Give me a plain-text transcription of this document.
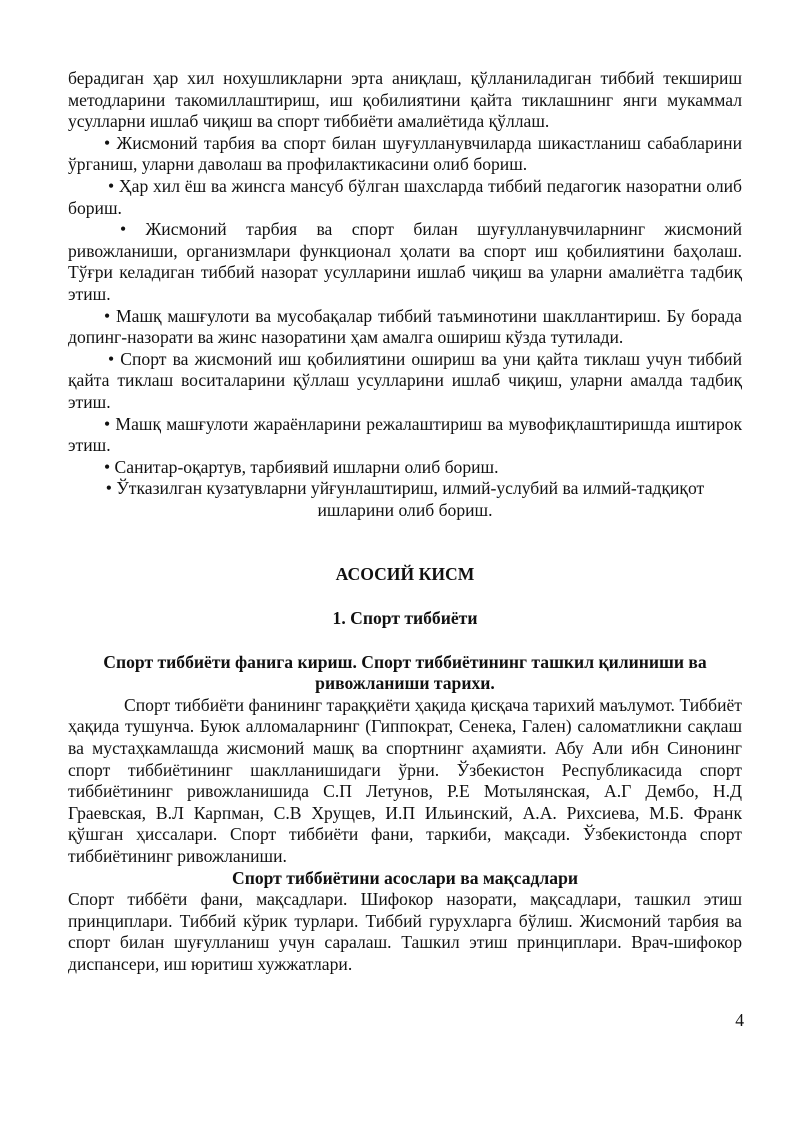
берадиган ҳар хил нохушликларни эрта аниқлаш, қўлланиладиган тиббий текшириш методларини такомиллаштириш, иш қобилиятини қайта тиклашнинг янги мукаммал усулларни ишлаб чиқиш ва спорт тиббиёти амалиётида қўллаш.

• Жисмоний тарбия ва спорт билан шуғулланувчиларда шикастланиш сабабларини ўрганиш, уларни даволаш ва профилактикасини олиб бориш.

• Ҳар хил ёш ва жинсга мансуб бўлган шахсларда тиббий педагогик назоратни олиб бориш.

• Жисмоний тарбия ва спорт билан шуғулланувчиларнинг жисмоний ривожланиши, организмлари функционал ҳолати ва спорт иш қобилиятини баҳолаш. Тўғри келадиган тиббий назорат усулларини ишлаб чиқиш ва уларни амалиётга тадбиқ этиш.

• Машқ машғулоти ва мусобақалар тиббий таъминотини шакллантириш. Бу борада допинг-назорати ва жинс назоратини ҳам амалга ошириш кўзда тутилади.

• Спорт ва жисмоний иш қобилиятини ошириш ва уни қайта тиклаш учун тиббий қайта тиклаш воситаларини қўллаш усулларини ишлаб чиқиш, уларни амалда тадбиқ этиш.

• Машқ машғулоти жараёнларини режалаштириш ва мувофиқлаштиришда иштирок этиш.

• Санитар-оқартув, тарбиявий ишларни олиб бориш.

• Ўтказилган кузатувларни уйғунлаштириш, илмий-услубий ва илмий-тадқиқот ишларини олиб бориш.

АСОСИЙ КИСМ

1. Спорт тиббиёти

Спорт тиббиёти фанига кириш. Спорт тиббиётининг ташкил қилиниши ва ривожланиши тарихи.

Спорт тиббиёти фанининг тараққиёти ҳақида қисқача тарихий маълумот. Тиббиёт ҳақида тушунча. Буюк алломаларнинг (Гиппократ, Сенека, Гален) саломатликни сақлаш ва мустаҳкамлашда жисмоний машқ ва спортнинг аҳамияти. Абу Али ибн Синонинг спорт тиббиётининг шаклланишидаги ўрни. Ўзбекистон Республикасида спорт тиббиётининг ривожланишида С.П Летунов, Р.Е Мотылянская, А.Г Дембо, Н.Д Граевская, В.Л Карпман, С.В Хрущев, И.П Ильинский, А.А. Рихсиева, М.Б. Франк қўшган ҳиссалари. Спорт тиббиёти фани, таркиби, мақсади. Ўзбекистонда спорт тиббиётининг ривожланиши.

Спорт тиббиётини асослари ва мақсадлари

Спорт тиббёти фани, мақсадлари. Шифокор назорати, мақсадлари, ташкил этиш принциплари. Тиббий кўрик турлари. Тиббий гурухларга бўлиш. Жисмоний тарбия ва спорт билан шуғулланиш учун саралаш. Ташкил этиш принциплари. Врач-шифокор диспансери, иш юритиш хужжатлари.

4
